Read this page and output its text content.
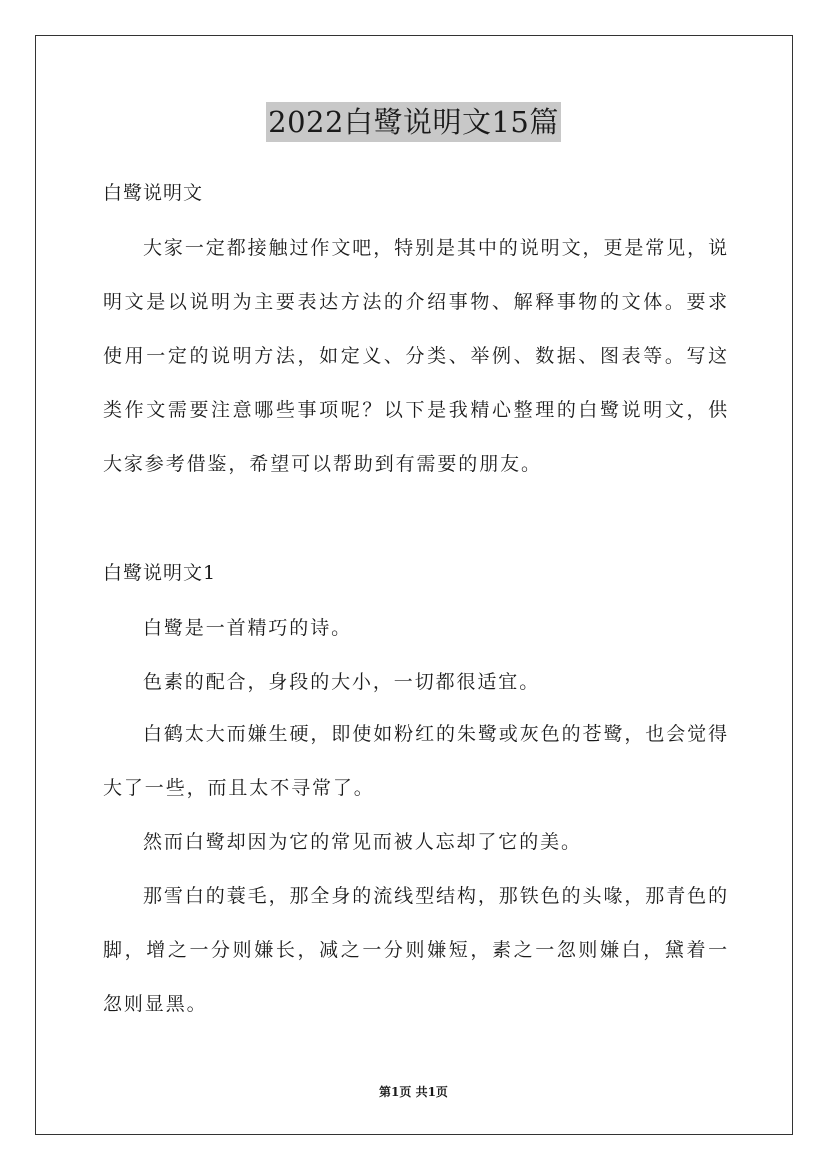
2022白鹭说明文15篇
白鹭说明文

大家一定都接触过作文吧，特别是其中的说明文，更是常见，说明文是以说明为主要表达方法的介绍事物、解释事物的文体。要求使用一定的说明方法，如定义、分类、举例、数据、图表等。写这类作文需要注意哪些事项呢？以下是我精心整理的白鹭说明文，供大家参考借鉴，希望可以帮助到有需要的朋友。

白鹭说明文1

白鹭是一首精巧的诗。

色素的配合，身段的大小，一切都很适宜。

白鹤太大而嫌生硬，即使如粉红的朱鹭或灰色的苍鹭，也会觉得大了一些，而且太不寻常了。

然而白鹭却因为它的常见而被人忘却了它的美。

那雪白的蓑毛，那全身的流线型结构，那铁色的头喙，那青色的脚，增之一分则嫌长，减之一分则嫌短，素之一忽则嫌白，黛着一忽则显黑。

第1页 共1页
